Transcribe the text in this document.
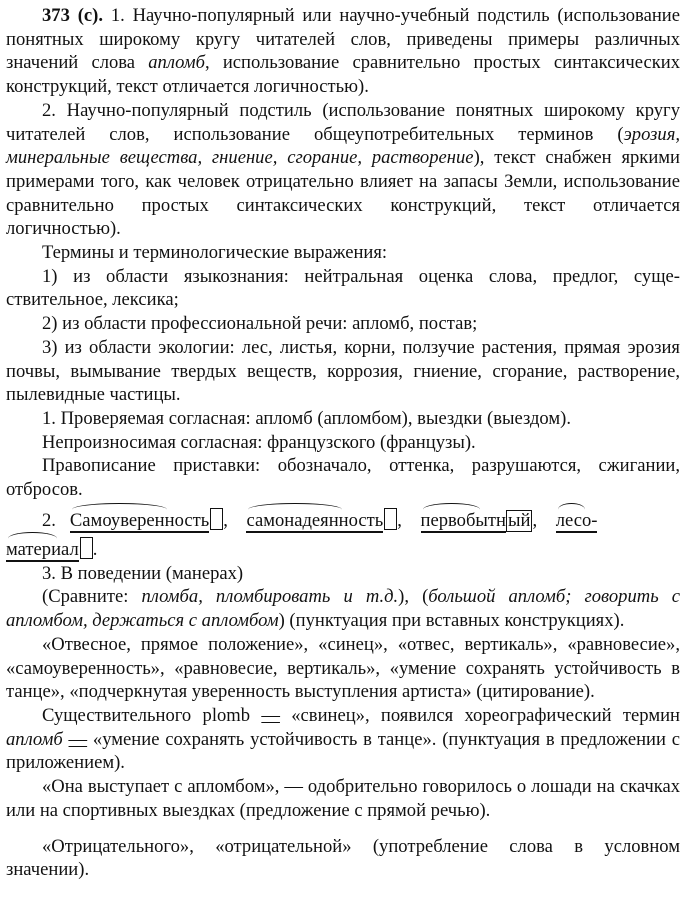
373 (с). 1. Научно-популярный или научно-учебный подстиль (использование понятных широкому кругу читателей слов, приведены примеры различных значений слова апломб, использование сравнительно простых синтаксических конструкций, текст отличается логичностью).

2. Научно-популярный подстиль (использование понятных широкому кругу читателей слов, использование общеупотребительных терминов (эрозия, минеральные вещества, гниение, сгорание, растворение), текст снабжен яркими примерами того, как человек отрицательно влияет на запасы Земли, использование сравнительно простых синтаксических конструкций, текст отличается логичностью).

Термины и терминологические выражения:

1) из области языкознания: нейтральная оценка слова, предлог, существительное, лексика;

2) из области профессиональной речи: апломб, постав;

3) из области экологии: лес, листья, корни, ползучие растения, прямая эрозия почвы, вымывание твердых веществ, коррозия, гниение, сгорание, растворение, пылевидные частицы.

1. Проверяемая согласная: апломб (апломбом), выездки (выездом).

Непроизносимая согласная: французского (французы).

Правописание приставки: обозначало, оттенка, разрушаются, сжигании, отбросов.

2. Самоуверенность , самонадеянность , первобытн ый , лесо-

материал .

3. В поведении (манерах)

(Сравните: пломба, пломбировать и т.д.), (большой апломб; говорить с апломбом, держаться с апломбом) (пунктуация при вставных конструкциях).

«Отвесное, прямое положение», «синец», «отвес, вертикаль», «равновесие», «самоуверенность», «равновесие, вертикаль», «умение сохранять устойчивость в танце», «подчеркнутая уверенность выступления артиста» (цитирование).

Существительного plomb — «свинец», появился хореографический термин апломб — «умение сохранять устойчивость в танце». (пунктуация в предложении с приложением).

«Она выступает с апломбом», — одобрительно говорилось о лошади на скачках или на спортивных выездках (предложение с прямой речью).

«Отрицательного», «отрицательной» (употребление слова в условном значении).
